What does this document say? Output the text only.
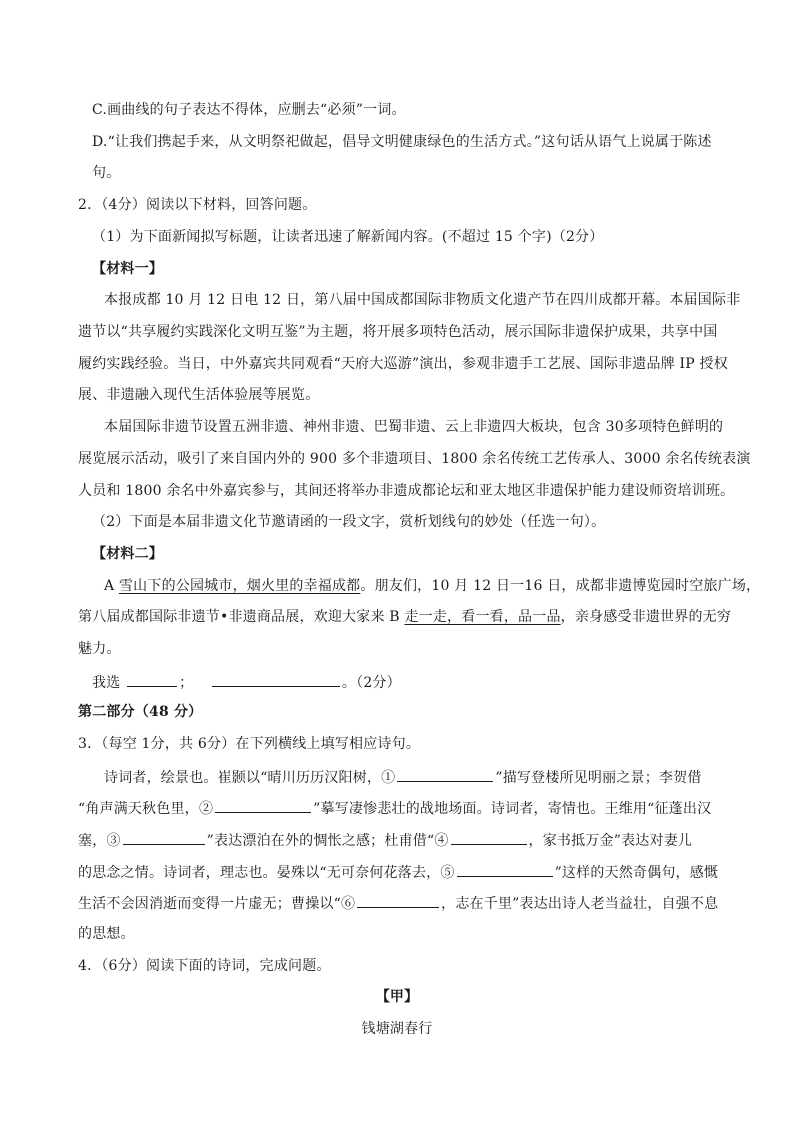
C.画曲线的句子表达不得体，应删去“必须”一词。
D.“让我们携起手来，从文明祭祀做起，倡导文明健康绿色的生活方式。”这句话从语气上说属于陈述
句。
2．（4分）阅读以下材料，回答问题。
（1）为下面新闻拟写标题，让读者迅速了解新闻内容。(不超过 15 个字)（2分）
【材料一】
本报成都 10 月 12 日电 12 日，第八届中国成都国际非物质文化遗产节在四川成都开幕。本届国际非
遗节以“共享履约实践深化文明互鉴”为主题，将开展多项特色活动，展示国际非遗保护成果，共享中国
履约实践经验。当日，中外嘉宾共同观看“天府大巡游”演出，参观非遗手工艺展、国际非遗品牌 IP 授权
展、非遗融入现代生活体验展等展览。
本届国际非遗节设置五洲非遗、神州非遗、巴蜀非遗、云上非遗四大板块，包含 30多项特色鲜明的
展览展示活动，吸引了来自国内外的 900 多个非遗项目、1800 余名传统工艺传承人、3000 余名传统表演
人员和 1800 余名中外嘉宾参与，其间还将举办非遗成都论坛和亚太地区非遗保护能力建设师资培训班。
（2）下面是本届非遗文化节邀请函的一段文字，赏析划线句的妙处（任选一句）。
【材料二】
A 雪山下的公园城市，烟火里的幸福成都。朋友们，10 月 12 日一16 日，成都非遗博览园时空旅广场，
第八届成都国际非遗节•非遗商品展，欢迎大家来 B 走一走，看一看，品一品，亲身感受非遗世界的无穷
魅力。
我选	；	。（2分）
第二部分（48 分）
3．（每空 1分，共 6分）在下列横线上填写相应诗句。
诗词者，绘景也。崔颢以“晴川历历汉阳树，①	”描写登楼所见明丽之景；李贺借
“角声满天秋色里，②	”摹写凄惨悲壮的战地场面。诗词者，寄情也。王维用“征蓬出汉
塞，③	”表达漂泊在外的惆怅之感；杜甫借“④	，家书抵万金”表达对妻儿
的思念之情。诗词者，理志也。晏殊以“无可奈何花落去，⑤	”这样的天然奇偶句，感慨
生活不会因消逝而变得一片虚无；曹操以“⑥	，志在千里”表达出诗人老当益壮，自强不息
的思想。
4．（6分）阅读下面的诗词，完成问题。
【甲】
钱塘湖春行
